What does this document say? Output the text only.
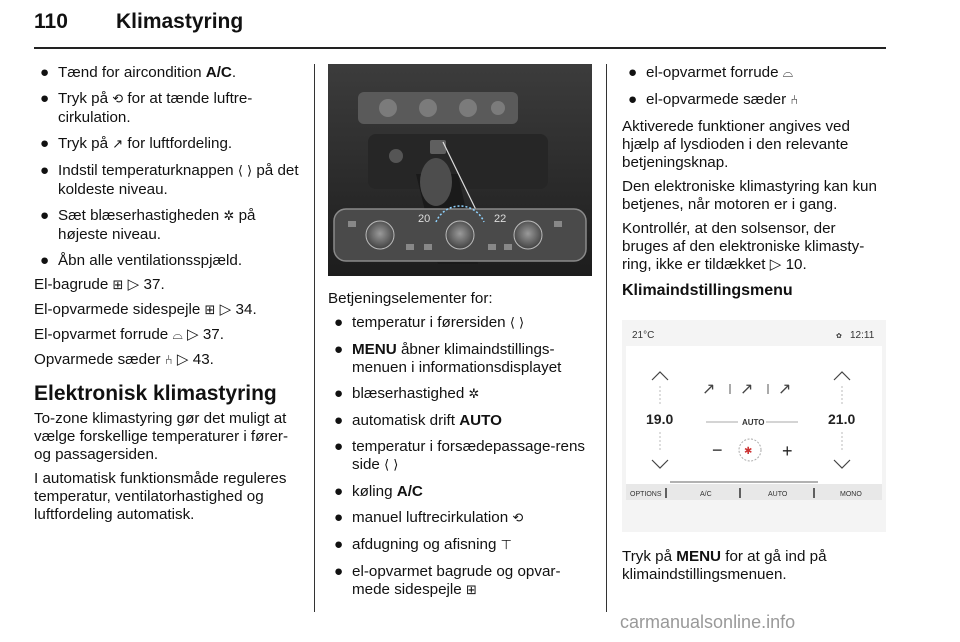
110 Klimastyring
● Tænd for aircondition A/C.
● Tryk på ⟲ for at tænde luftre-cirkulation.
● Tryk på ↗ for luftfordeling.
● Indstil temperaturknappen ⟨ ⟩ på det koldeste niveau.
● Sæt blæserhastigheden ✲ på højeste niveau.
● Åbn alle ventilationsspjæld.

El-bagrude ⊞ ▷ 37.

El-opvarmede sidespejle ⊞ ▷ 34.

El-opvarmet forrude ⌓ ▷ 37.

Opvarmede sæder ⑃ ▷ 43.

Elektronisk klimastyring

To-zone klimastyring gør det muligt at vælge forskellige temperaturer i fører- og passagersiden.

I automatisk funktionsmåde reguleres temperatur, ventilatorhastighed og luftfordeling automatisk.

20	22

Betjeningselementer for:

● temperatur i førersiden ⟨ ⟩
● MENU åbner klimaindstillings-menuen i informationsdisplayet
● blæserhastighed ✲
● automatisk drift AUTO
● temperatur i forsædepassage-rens side ⟨ ⟩
● køling A/C
● manuel luftrecirkulation ⟲
● afdugning og afisning ⊤
● el-opvarmet bagrude og opvar-mede sidespejle ⊞
● el-opvarmet forrude ⌓
● el-opvarmede sæder ⑃

Aktiverede funktioner angives ved hjælp af lysdioden i den relevante betjeningsknap.

Den elektroniske klimastyring kan kun betjenes, når motoren er i gang.

Kontrollér, at den solsensor, der bruges af den elektroniske klimasty-ring, ikke er tildækket ▷ 10.

Klimaindstillingsmenu
21°C	✿ 12:11
19.0	21.0
↗ ↗ ↗
AUTO
− ✱ +
OPTIONS	A/C	AUTO	MONO

Tryk på MENU for at gå ind på klimaindstillingsmenuen.

carmanualsonline.info
